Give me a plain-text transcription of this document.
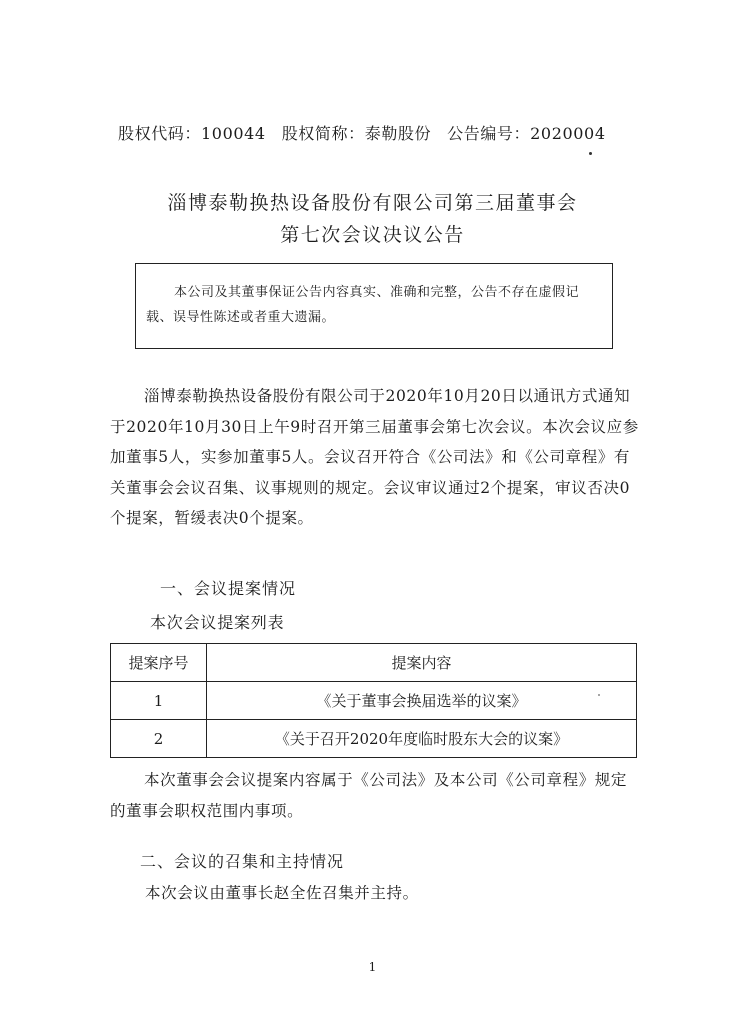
股权代码：100044 股权简称：泰勒股份 公告编号：2020004
淄博泰勒换热设备股份有限公司第三届董事会
第七次会议决议公告
本公司及其董事保证公告内容真实、准确和完整，公告不存在虚假记载、误导性陈述或者重大遗漏。
淄博泰勒换热设备股份有限公司于2020年10月20日以通讯方式通知于2020年10月30日上午9时召开第三届董事会第七次会议。本次会议应参加董事5人，实参加董事5人。会议召开符合《公司法》和《公司章程》有关董事会会议召集、议事规则的规定。会议审议通过2个提案，审议否决0个提案，暂缓表决0个提案。
一、会议提案情况
本次会议提案列表
提案序号	提案内容
1	《关于董事会换届选举的议案》
2	《关于召开2020年度临时股东大会的议案》
本次董事会会议提案内容属于《公司法》及本公司《公司章程》规定的董事会职权范围内事项。
二、会议的召集和主持情况
本次会议由董事长赵全佐召集并主持。
1
